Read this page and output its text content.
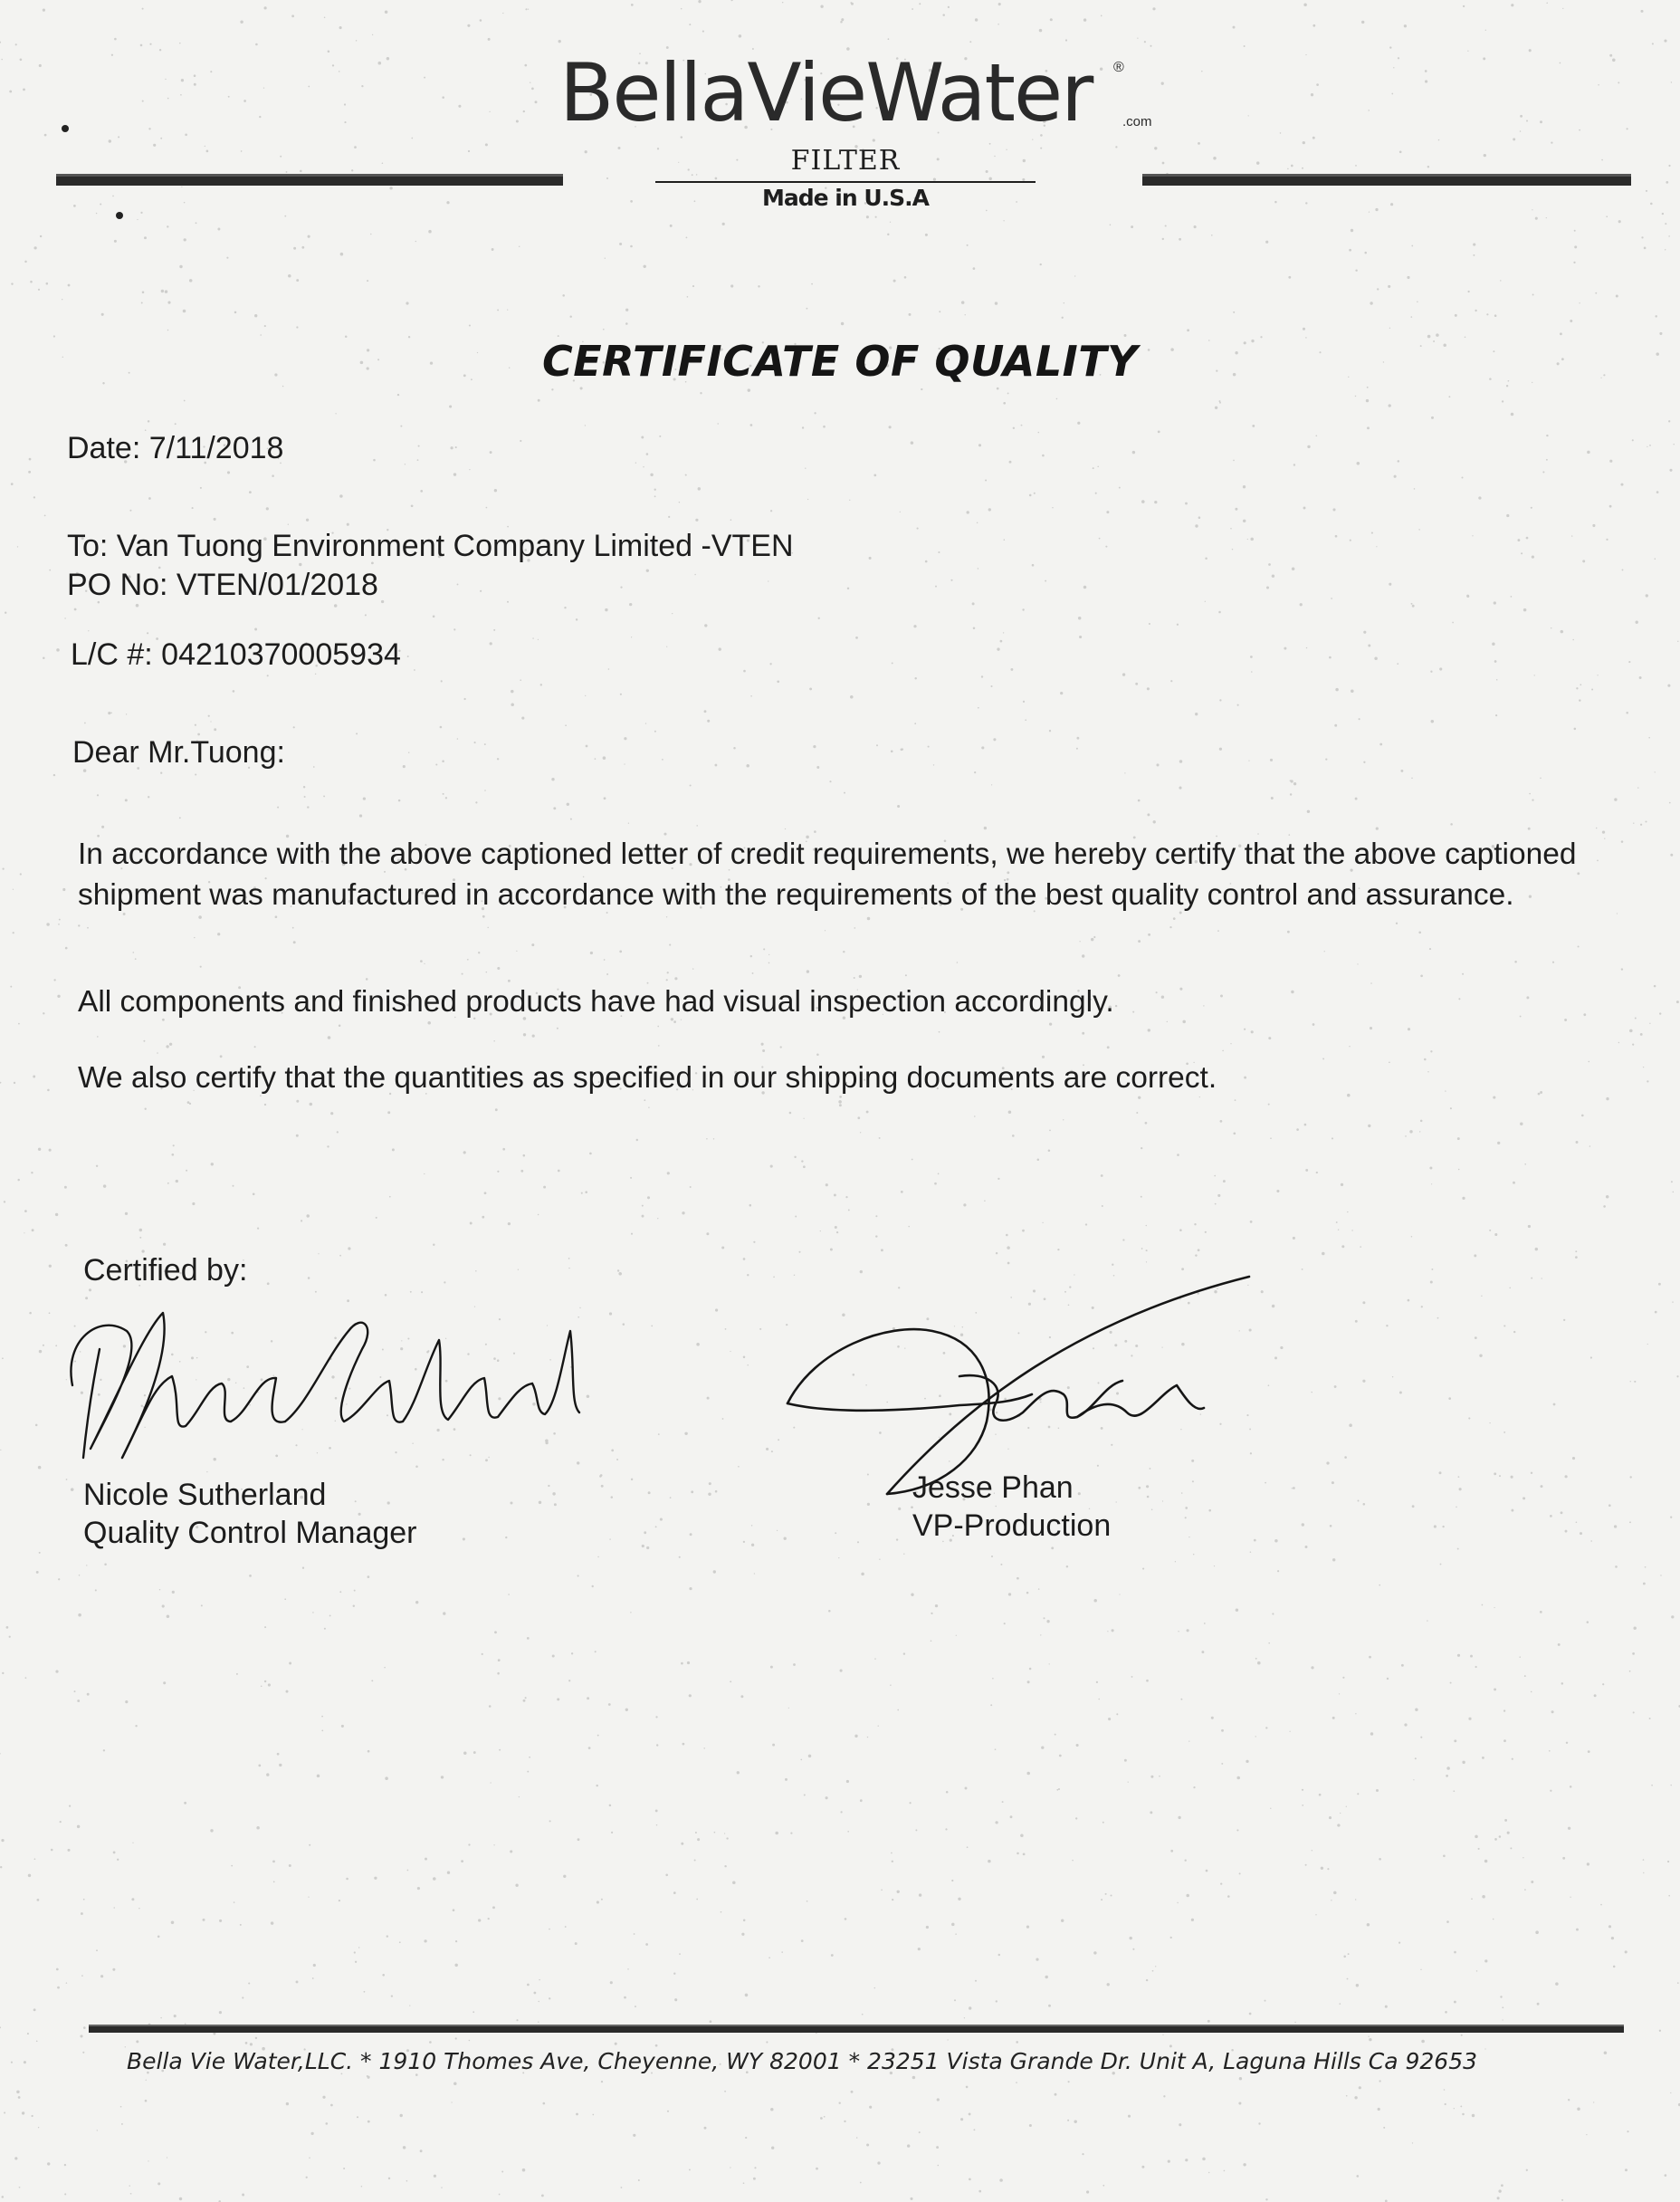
BellaVieWater ®
.com
FILTER
Made in U.S.A
CERTIFICATE OF QUALITY
Date: 7/11/2018
To: Van Tuong Environment Company Limited -VTEN
PO No: VTEN/01/2018
L/C #: 04210370005934
Dear Mr.Tuong:
In accordance with the above captioned letter of credit requirements, we hereby certify that the above captioned shipment was manufactured in accordance with the requirements of the best quality control and assurance.
All components and finished products have had visual inspection accordingly.
We also certify that the quantities as specified in our shipping documents are correct.
Certified by:
Nicole Sutherland
Quality Control Manager
Jesse Phan
VP-Production
Bella Vie Water,LLC. * 1910 Thomes Ave, Cheyenne, WY 82001 * 23251 Vista Grande Dr. Unit A, Laguna Hills Ca 92653
